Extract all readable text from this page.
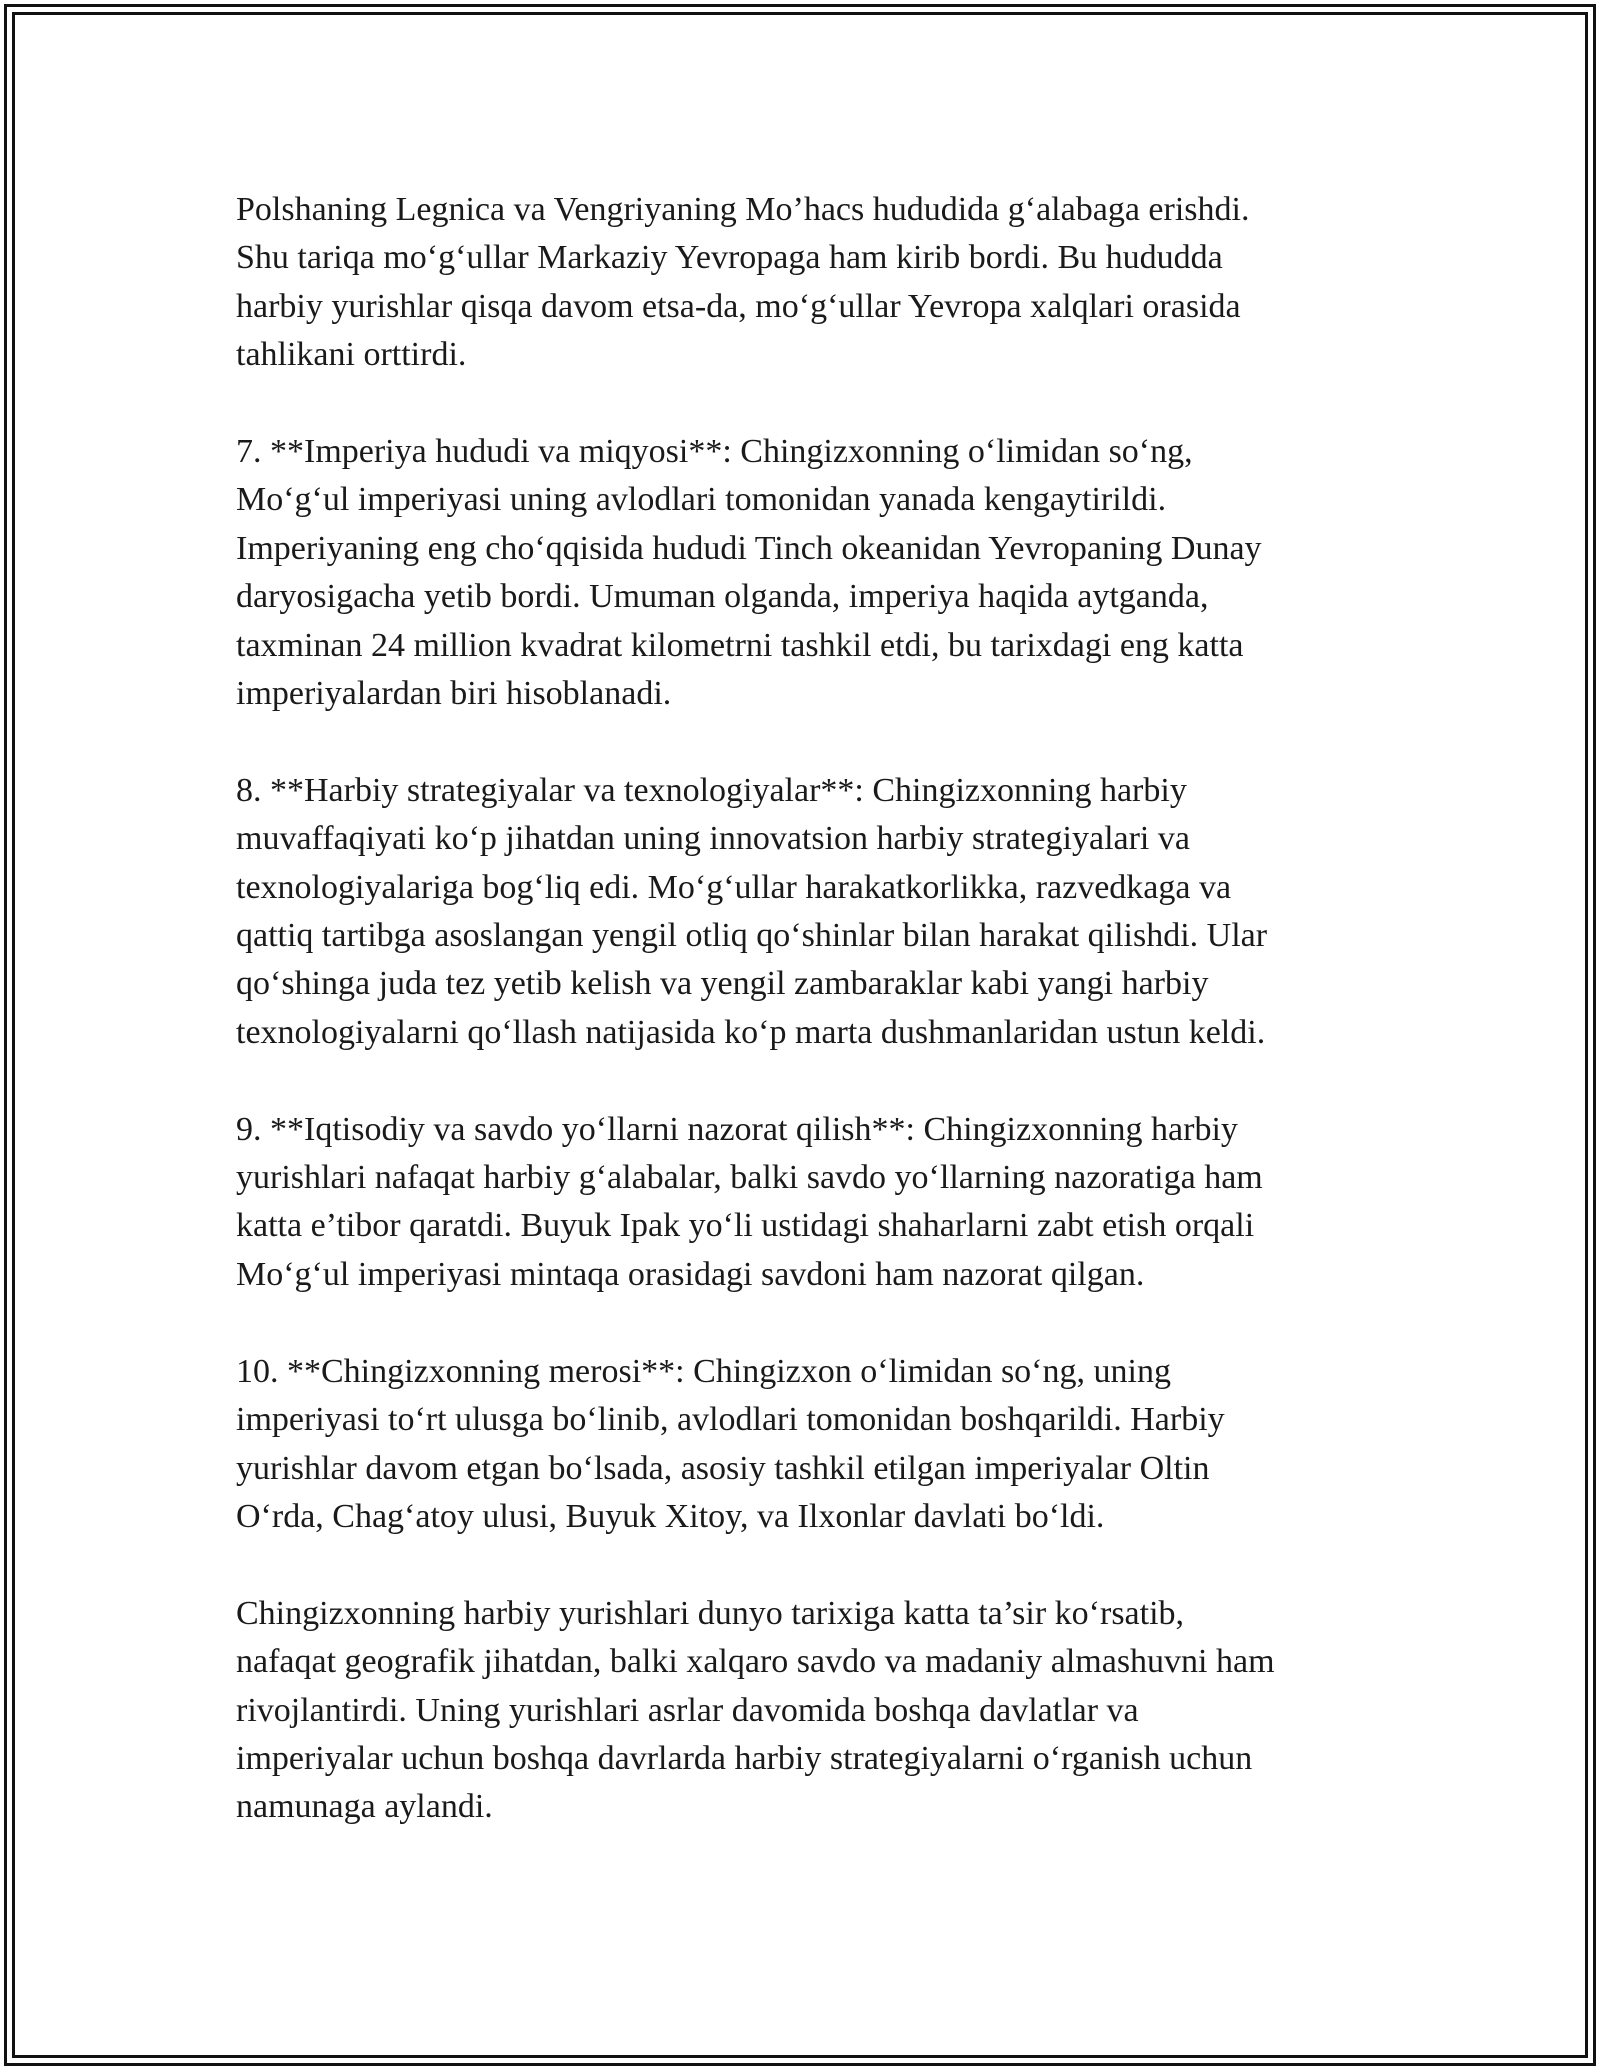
Polshaning Legnica va Vengriyaning Mo’hacs hududida g‘alabaga erishdi.
Shu tariqa mo‘g‘ullar Markaziy Yevropaga ham kirib bordi. Bu hududda
harbiy yurishlar qisqa davom etsa-da, mo‘g‘ullar Yevropa xalqlari orasida
tahlikani orttirdi.

7. **Imperiya hududi va miqyosi**: Chingizxonning o‘limidan so‘ng,
Mo‘g‘ul imperiyasi uning avlodlari tomonidan yanada kengaytirildi.
Imperiyaning eng cho‘qqisida hududi Tinch okeanidan Yevropaning Dunay
daryosigacha yetib bordi. Umuman olganda, imperiya haqida aytganda,
taxminan 24 million kvadrat kilometrni tashkil etdi, bu tarixdagi eng katta
imperiyalardan biri hisoblanadi.

8. **Harbiy strategiyalar va texnologiyalar**: Chingizxonning harbiy
muvaffaqiyati ko‘p jihatdan uning innovatsion harbiy strategiyalari va
texnologiyalariga bog‘liq edi. Mo‘g‘ullar harakatkorlikka, razvedkaga va
qattiq tartibga asoslangan yengil otliq qo‘shinlar bilan harakat qilishdi. Ular
qo‘shinga juda tez yetib kelish va yengil zambaraklar kabi yangi harbiy
texnologiyalarni qo‘llash natijasida ko‘p marta dushmanlaridan ustun keldi.

9. **Iqtisodiy va savdo yo‘llarni nazorat qilish**: Chingizxonning harbiy
yurishlari nafaqat harbiy g‘alabalar, balki savdo yo‘llarning nazoratiga ham
katta e’tibor qaratdi. Buyuk Ipak yo‘li ustidagi shaharlarni zabt etish orqali
Mo‘g‘ul imperiyasi mintaqa orasidagi savdoni ham nazorat qilgan.

10. **Chingizxonning merosi**: Chingizxon o‘limidan so‘ng, uning
imperiyasi to‘rt ulusga bo‘linib, avlodlari tomonidan boshqarildi. Harbiy
yurishlar davom etgan bo‘lsada, asosiy tashkil etilgan imperiyalar Oltin
O‘rda, Chag‘atoy ulusi, Buyuk Xitoy, va Ilxonlar davlati bo‘ldi.

Chingizxonning harbiy yurishlari dunyo tarixiga katta ta’sir ko‘rsatib,
nafaqat geografik jihatdan, balki xalqaro savdo va madaniy almashuvni ham
rivojlantirdi. Uning yurishlari asrlar davomida boshqa davlatlar va
imperiyalar uchun boshqa davrlarda harbiy strategiyalarni o‘rganish uchun
namunaga aylandi.
